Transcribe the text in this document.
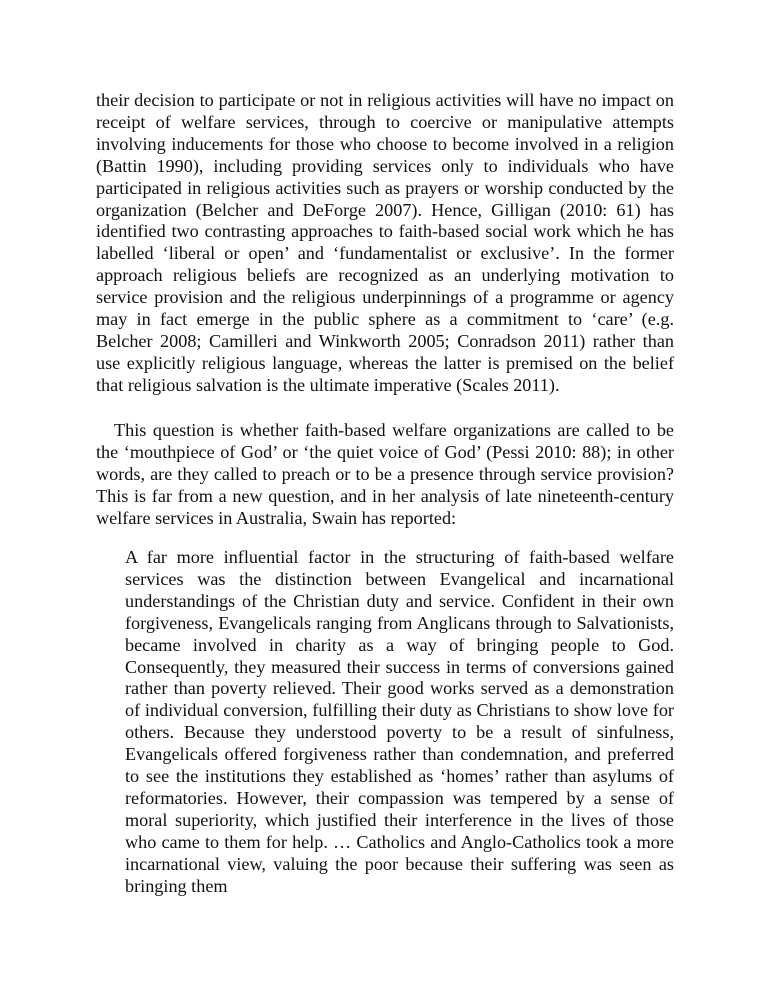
their decision to participate or not in religious activities will have no impact on receipt of welfare services, through to coercive or manipulative attempts involving inducements for those who choose to become involved in a religion (Battin 1990), including providing services only to individuals who have participated in religious activities such as prayers or worship conducted by the organization (Belcher and DeForge 2007). Hence, Gilligan (2010: 61) has identified two contrasting approaches to faith-based social work which he has labelled ‘liberal or open’ and ‘fundamentalist or exclusive’. In the former approach religious beliefs are recognized as an underlying motivation to service provision and the religious underpinnings of a programme or agency may in fact emerge in the public sphere as a commitment to ‘care’ (e.g. Belcher 2008; Camilleri and Winkworth 2005; Conradson 2011) rather than use explicitly religious language, whereas the latter is premised on the belief that religious salvation is the ultimate imperative (Scales 2011).

This question is whether faith-based welfare organizations are called to be the ‘mouthpiece of God’ or ‘the quiet voice of God’ (Pessi 2010: 88); in other words, are they called to preach or to be a presence through service provision? This is far from a new question, and in her analysis of late nineteenth-century welfare services in Australia, Swain has reported:

A far more influential factor in the structuring of faith-based welfare services was the distinction between Evangelical and incarnational understandings of the Christian duty and service. Confident in their own forgiveness, Evangelicals ranging from Anglicans through to Salvationists, became involved in charity as a way of bringing people to God. Consequently, they measured their success in terms of conversions gained rather than poverty relieved. Their good works served as a demonstration of individual conversion, fulfilling their duty as Christians to show love for others. Because they understood poverty to be a result of sinfulness, Evangelicals offered forgiveness rather than condemnation, and preferred to see the institutions they established as ‘homes’ rather than asylums of reformatories. However, their compassion was tempered by a sense of moral superiority, which justified their interference in the lives of those who came to them for help. … Catholics and Anglo-Catholics took a more incarnational view, valuing the poor because their suffering was seen as bringing them
